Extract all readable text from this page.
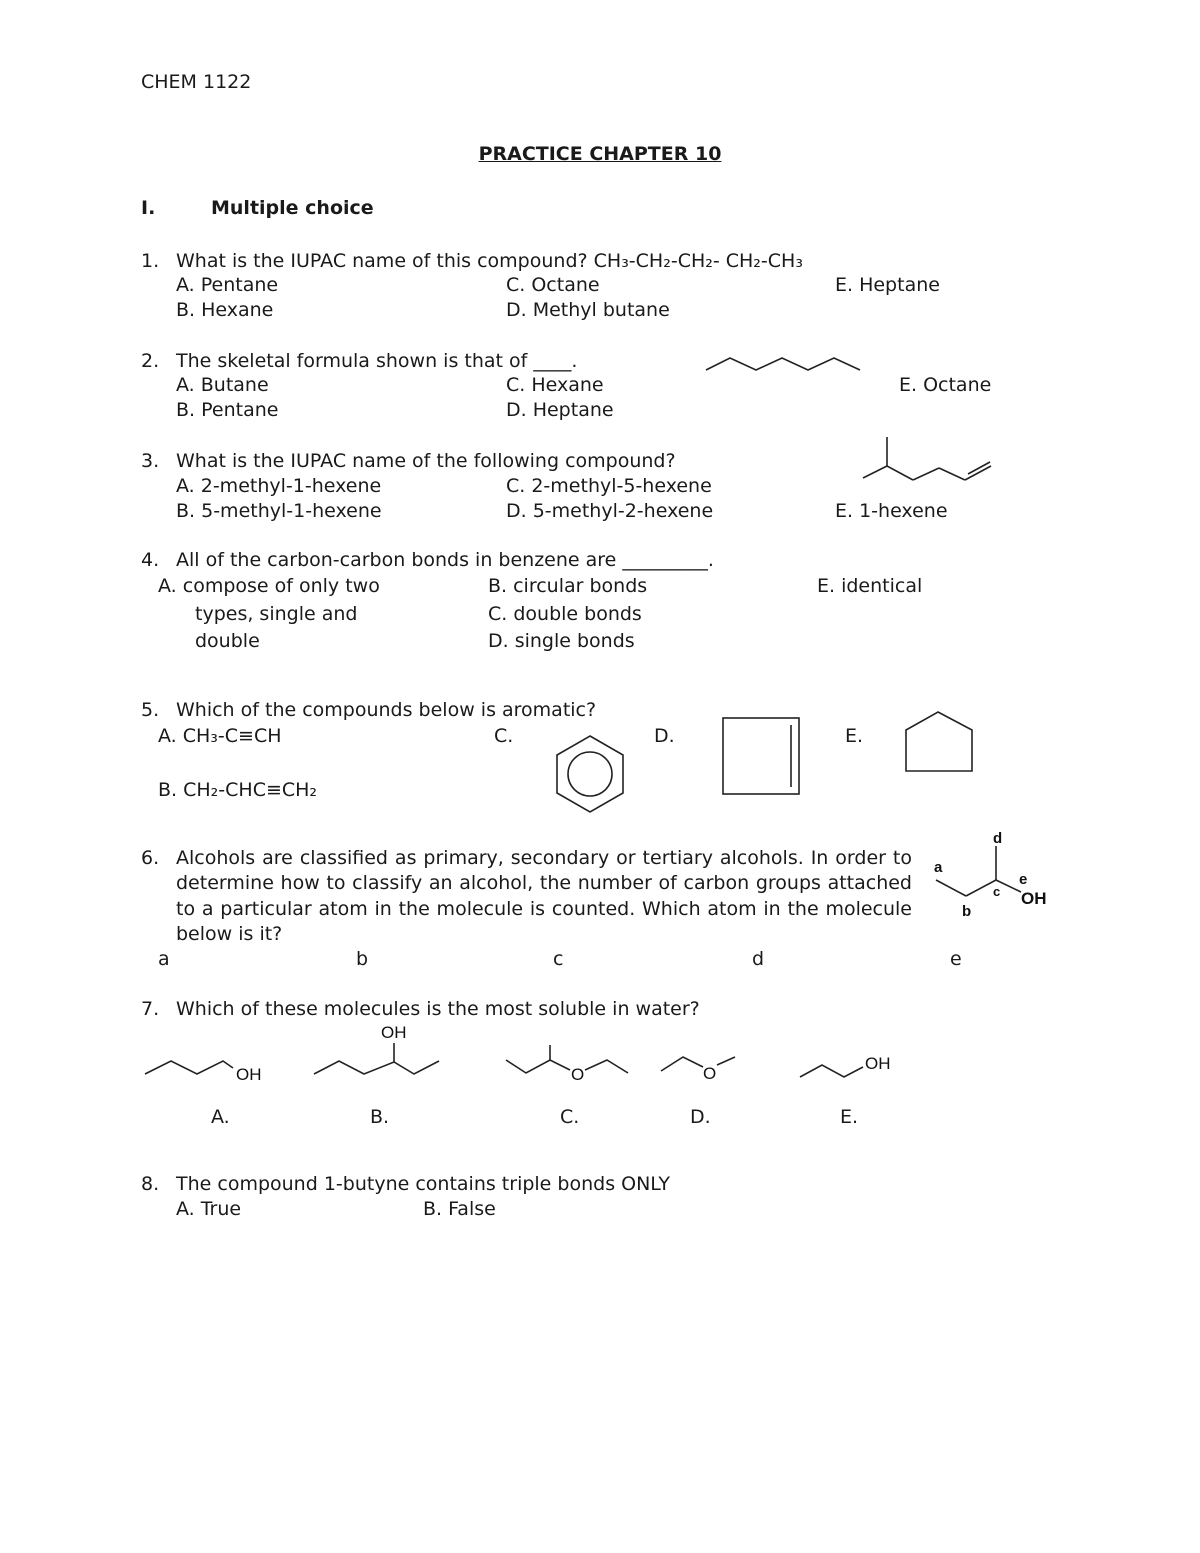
CHEM 1122
PRACTICE CHAPTER 10
I.	Multiple choice
1. What is the IUPAC name of this compound? CH₃-CH₂-CH₂- CH₂-CH₃
A. Pentane	C. Octane	E. Heptane
B. Hexane	D. Methyl butane
2. The skeletal formula shown is that of ____.
A. Butane	C. Hexane	E. Octane
B. Pentane	D. Heptane
3. What is the IUPAC name of the following compound?
A. 2-methyl-1-hexene	C. 2-methyl-5-hexene
B. 5-methyl-1-hexene	D. 5-methyl-2-hexene	E. 1-hexene
4. All of the carbon-carbon bonds in benzene are _________.
A. compose of only two
types, single and
double
B. circular bonds
C. double bonds
D. single bonds
E. identical
5. Which of the compounds below is aromatic?
A. CH₃-C≡CH	C.	D.	E.
B. CH₂-CHC≡CH₂
6. Alcohols are classified as primary, secondary or tertiary alcohols. In order to determine how to classify an alcohol, the number of carbon groups attached to a particular atom in the molecule is counted. Which atom in the molecule below is it?
a
b
c
d
e
OH
a	b	c	d	e
7. Which of these molecules is the most soluble in water?
OH
OH
O	O
OH
A.	B.	C.	D.	E.
8. The compound 1-butyne contains triple bonds ONLY
A. True	B. False
